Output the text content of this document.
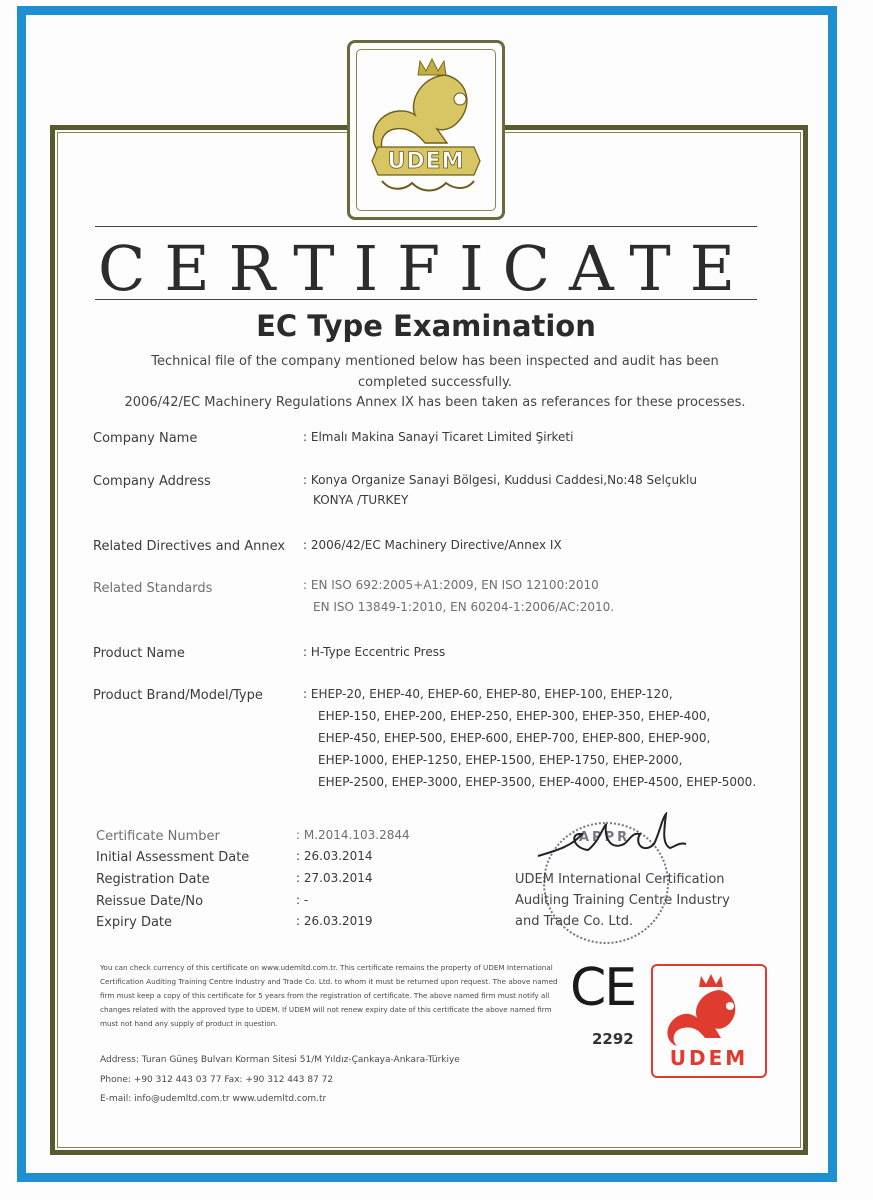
UDEM
CERTIFICATE
EC Type Examination
Technical file of the company mentioned below has been inspected and audit has been
completed successfully.
2006/42/EC Machinery Regulations Annex IX has been taken as referances for these processes.
Company Name	: Elmalı Makina Sanayi Ticaret Limited Şirketi
Company Address	: Konya Organize Sanayi Bölgesi, Kuddusi Caddesi,No:48 Selçuklu
KONYA /TURKEY
Related Directives and Annex : 2006/42/EC Machinery Directive/Annex IX
Related Standards	: EN ISO 692:2005+A1:2009, EN ISO 12100:2010
EN ISO 13849-1:2010, EN 60204-1:2006/AC:2010.
Product Name	: H-Type Eccentric Press
Product Brand/Model/Type	: EHEP-20, EHEP-40, EHEP-60, EHEP-80, EHEP-100, EHEP-120,
EHEP-150, EHEP-200, EHEP-250, EHEP-300, EHEP-350, EHEP-400,
EHEP-450, EHEP-500, EHEP-600, EHEP-700, EHEP-800, EHEP-900,
EHEP-1000, EHEP-1250, EHEP-1500, EHEP-1750, EHEP-2000,
EHEP-2500, EHEP-3000, EHEP-3500, EHEP-4000, EHEP-4500, EHEP-5000.
Certificate Number	: M.2014.103.2844
Initial Assessment Date	: 26.03.2014
Registration Date	: 27.03.2014
Reissue Date/No	: -
Expiry Date	: 26.03.2019
APPR
UDEM International Certification
Auditing Training Centre Industry
and Trade Co. Ltd.
You can check currency of this certificate on www.udemltd.com.tr. This certificate remains the property of UDEM International Certification Auditing Training Centre Industry and Trade Co. Ltd. to whom it must be returned upon request. The above named firm must keep a copy of this certificate for 5 years from the registration of certificate. The above named firm must notify all changes related with the approved type to UDEM. If UDEM will not renew expiry date of this certificate the above named firm must not hand any supply of product in question.
CE
2292
UDEM
Address: Turan Güneş Bulvarı Korman Sitesi 51/M Yıldız-Çankaya-Ankara-Türkiye
Phone: +90 312 443 03 77 Fax: +90 312 443 87 72
E-mail: info@udemltd.com.tr www.udemltd.com.tr
